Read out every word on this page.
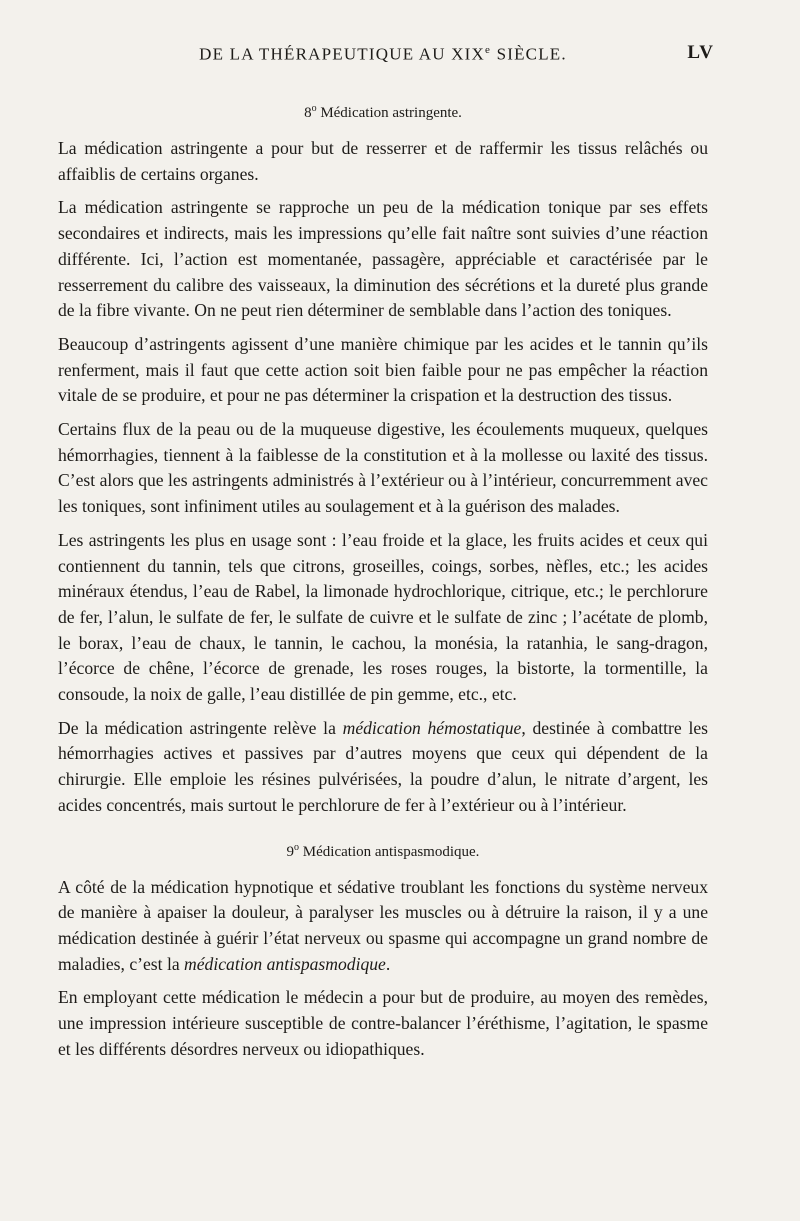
DE LA THÉRAPEUTIQUE AU XIXe SIÈCLE.	LV
8$^o$ Médication astringente.

La médication astringente a pour but de resserrer et de raffermir les tissus relâchés ou affaiblis de certains organes.

La médication astringente se rapproche un peu de la médication tonique par ses effets secondaires et indirects, mais les impressions qu’elle fait naître sont suivies d’une réaction différente. Ici, l’action est momentanée, passagère, appréciable et caractérisée par le resserrement du calibre des vaisseaux, la diminution des sécrétions et la dureté plus grande de la fibre vivante. On ne peut rien déterminer de semblable dans l’action des toniques.

Beaucoup d’astringents agissent d’une manière chimique par les acides et le tannin qu’ils renferment, mais il faut que cette action soit bien faible pour ne pas empêcher la réaction vitale de se produire, et pour ne pas déterminer la crispation et la destruction des tissus.

Certains flux de la peau ou de la muqueuse digestive, les écoulements muqueux, quelques hémorrhagies, tiennent à la faiblesse de la constitution et à la mollesse ou laxité des tissus. C’est alors que les astringents administrés à l’extérieur ou à l’intérieur, concurremment avec les toniques, sont infiniment utiles au soulagement et à la guérison des malades.

Les astringents les plus en usage sont : l’eau froide et la glace, les fruits acides et ceux qui contiennent du tannin, tels que citrons, groseilles, coings, sorbes, nèfles, etc.; les acides minéraux étendus, l’eau de Rabel, la limonade hydrochlorique, citrique, etc.; le perchlorure de fer, l’alun, le sulfate de fer, le sulfate de cuivre et le sulfate de zinc ; l’acétate de plomb, le borax, l’eau de chaux, le tannin, le cachou, la monésia, la ratanhia, le sang-dragon, l’écorce de chêne, l’écorce de grenade, les roses rouges, la bistorte, la tormentille, la consoude, la noix de galle, l’eau distillée de pin gemme, etc., etc.

De la médication astringente relève la médication hémostatique, destinée à combattre les hémorrhagies actives et passives par d’autres moyens que ceux qui dépendent de la chirurgie. Elle emploie les résines pulvérisées, la poudre d’alun, le nitrate d’argent, les acides concentrés, mais surtout le perchlorure de fer à l’extérieur ou à l’intérieur.

9$^o$ Médication antispasmodique.

A côté de la médication hypnotique et sédative troublant les fonctions du système nerveux de manière à apaiser la douleur, à paralyser les muscles ou à détruire la raison, il y a une médication destinée à guérir l’état nerveux ou spasme qui accompagne un grand nombre de maladies, c’est la médication antispasmodique.

En employant cette médication le médecin a pour but de produire, au moyen des remèdes, une impression intérieure susceptible de contre-balancer l’éréthisme, l’agitation, le spasme et les différents désordres nerveux ou idiopathiques.
